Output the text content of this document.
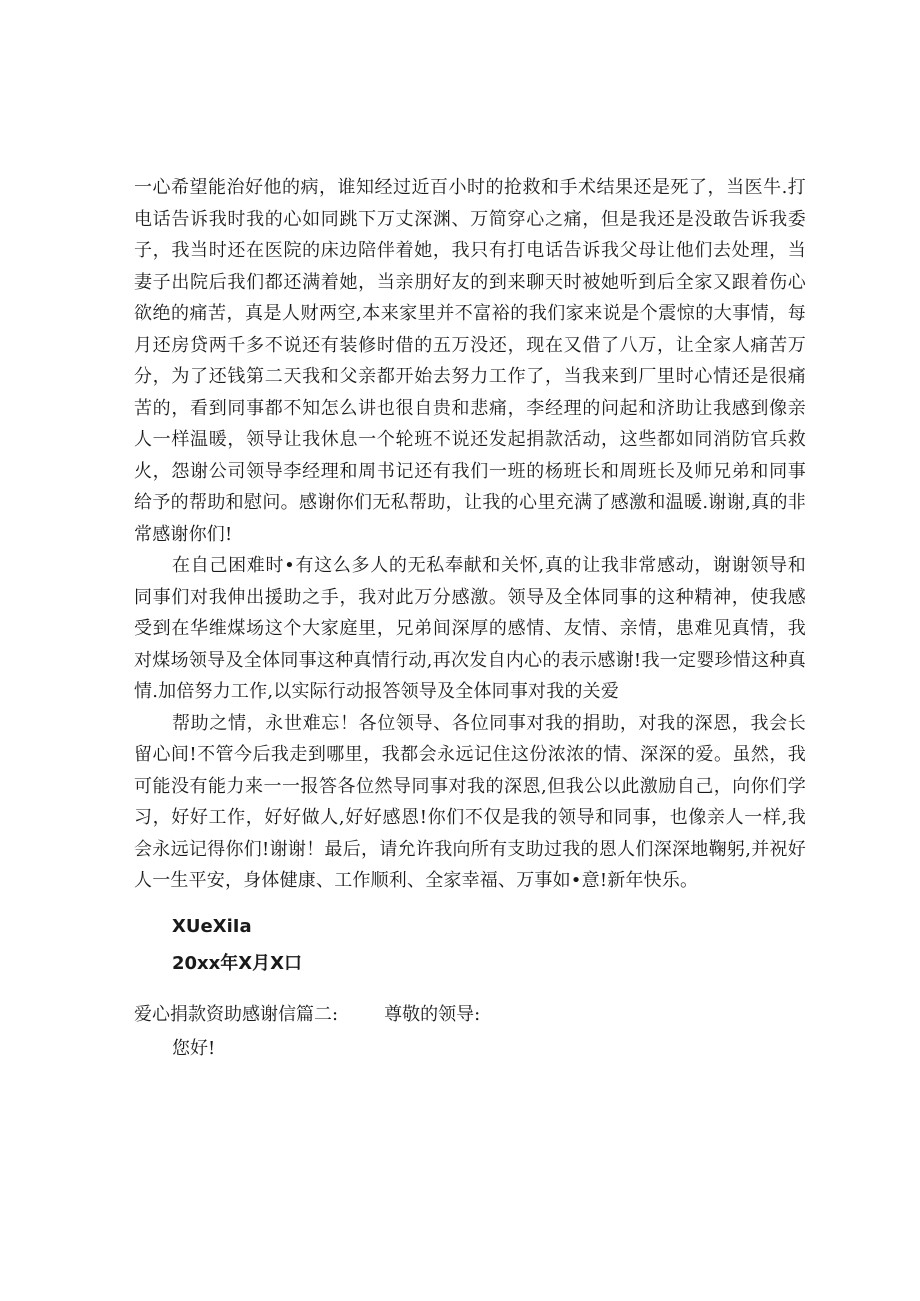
一心希望能治好他的病，谁知经过近百小时的抢救和手术结果还是死了，当医牛.打电话告诉我时我的心如同跳下万丈深渊、万简穿心之痛，但是我还是没敢告诉我委子，我当时还在医院的床边陪伴着她，我只有打电话告诉我父母让他们去处理，当妻子出院后我们都还满着她，当亲朋好友的到来聊天时被她听到后全家又跟着伤心欲绝的痛苦，真是人财两空,本来家里并不富裕的我们家来说是个震惊的大事情，每月还房贷两千多不说还有装修时借的五万没还，现在又借了八万，让全家人痛苦万分，为了还钱第二天我和父亲都开始去努力工作了，当我来到厂里时心情还是很痛苦的，看到同事都不知怎么讲也很自贵和悲痛，李经理的问起和济助让我感到像亲人一样温暖，领导让我休息一个轮班不说还发起捐款活动，这些都如同消防官兵救火，怨谢公司领导李经理和周书记还有我们一班的杨班长和周班长及师兄弟和同事给予的帮助和慰问。感谢你们无私帮助，让我的心里充满了感激和温暖.谢谢,真的非常感谢你们!

在自己困难时•有这么多人的无私奉献和关怀,真的让我非常感动，谢谢领导和同事们对我伸出援助之手，我对此万分感激。领导及全体同事的这种精神，使我感受到在华维煤场这个大家庭里，兄弟间深厚的感情、友情、亲情，患难见真情，我对煤场领导及全体同事这种真情行动,再次发自内心的表示感谢!我一定婴珍惜这种真情.加倍努力工作,以实际行动报答领导及全体同事对我的关爱

帮助之情，永世难忘！各位领导、各位同事对我的捐助，对我的深恩，我会长留心间!不管今后我走到哪里，我都会永远记住这份浓浓的情、深深的爱。虽然，我可能没有能力来一一报答各位然导同事对我的深恩,但我公以此激励自己，向你们学习，好好工作，好好做人,好好感恩!你们不仅是我的领导和同事，也像亲人一样,我会永远记得你们!谢谢！最后，请允许我向所有支助过我的恩人们深深地鞠躬,并祝好人一生平安，身体健康、工作顺利、全家幸福、万事如•意!新年快乐。

XUeXiIa

20xx年X月X口

爱心捐款资助感谢信篇二:	尊敬的领导:

您好!
